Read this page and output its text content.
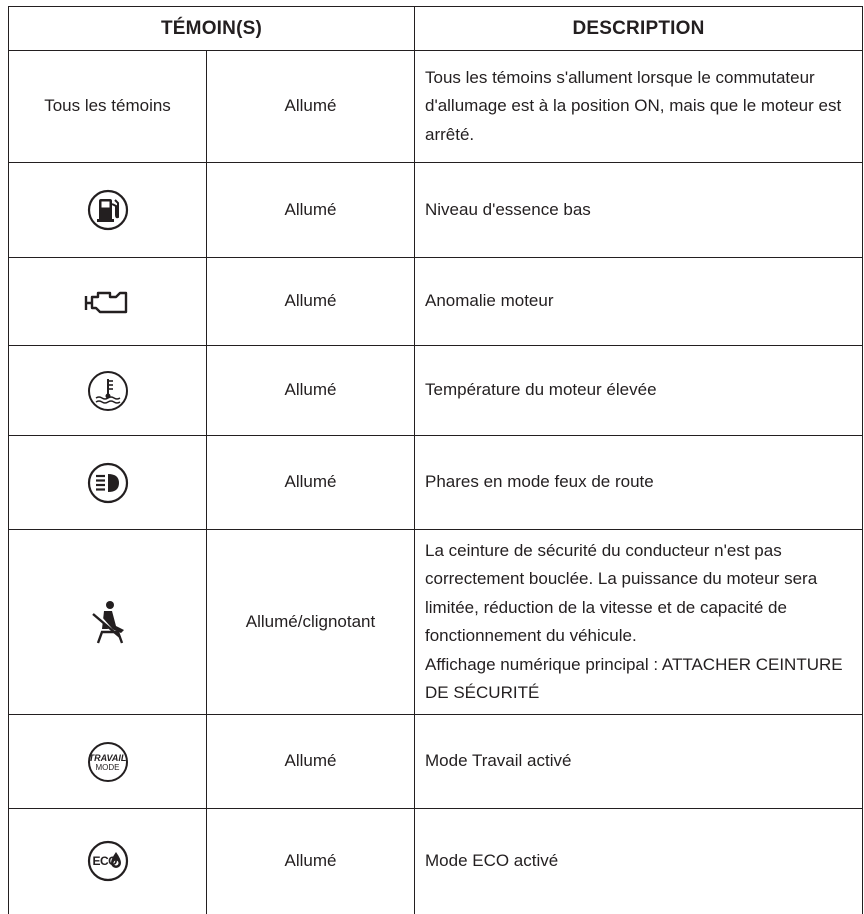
TÉMOIN(S)		DESCRIPTION
Tous les témoins	Allumé	Tous les témoins s'allument lorsque le commutateur d'allumage est à la position ON, mais que le moteur est arrêté.

	Allumé	Niveau d'essence bas

	Allumé	Anomalie moteur

	Allumé	Température du moteur élevée

	Allumé	Phares en mode feux de route

	Allumé/clignotant	La ceinture de sécurité du conducteur n'est pas correctement bouclée. La puissance du moteur sera limitée, réduction de la vitesse et de capacité de fonctionnement du véhicule.
Affichage numérique principal : ATTACHER CEINTURE DE SÉCURITÉ

TRAVAIL
MODE	Allumé	Mode Travail activé

ECO	Allumé	Mode ECO activé
